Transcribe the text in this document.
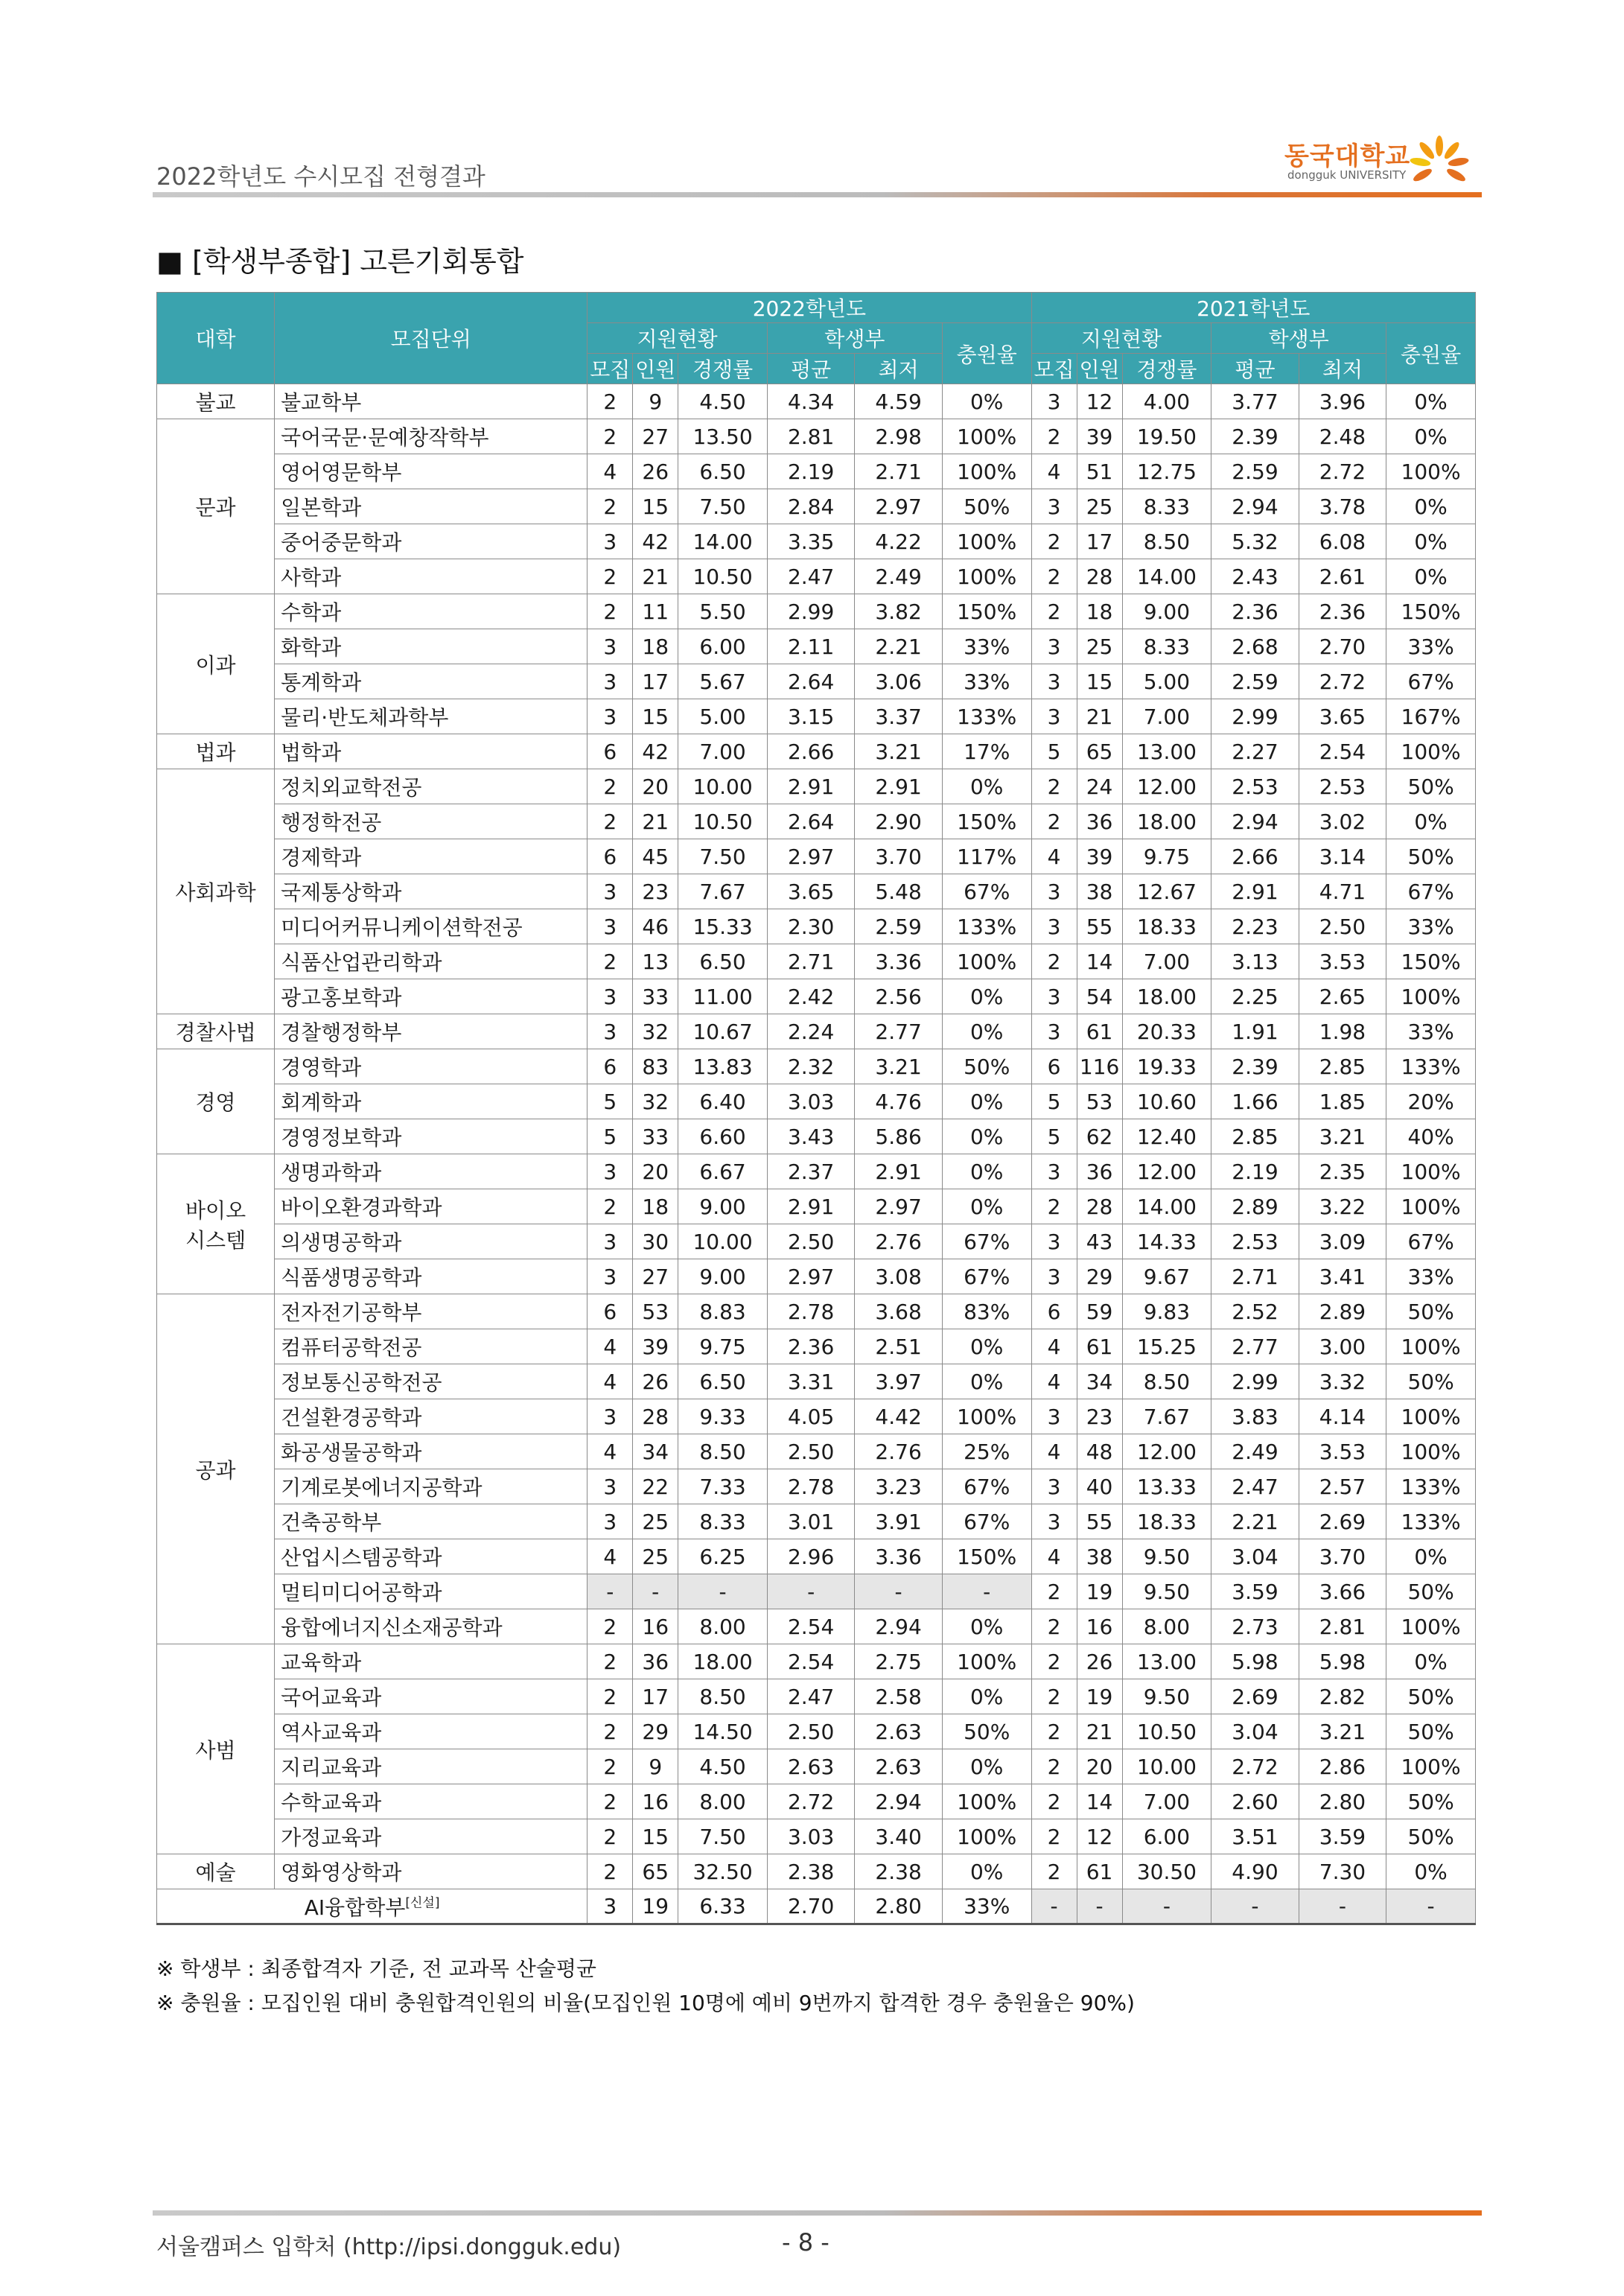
2022학년도 수시모집 전형결과
동국대학교
dongguk UNIVERSITY
■ [학생부종합] 고른기회통합
대학	모집단위	2022학년도						2021학년도					
		지원현황			학생부		충원율	지원현황			학생부		충원율
		모집	인원	경쟁률	평균	최저		모집	인원	경쟁률	평균	최저	
불교	불교학부	2	9	4.50	4.34	4.59	0%	3	12	4.00	3.77	3.96	0%
문과	국어국문·문예창작학부	2	27	13.50	2.81	2.98	100%	2	39	19.50	2.39	2.48	0%
	영어영문학부	4	26	6.50	2.19	2.71	100%	4	51	12.75	2.59	2.72	100%
	일본학과	2	15	7.50	2.84	2.97	50%	3	25	8.33	2.94	3.78	0%
	중어중문학과	3	42	14.00	3.35	4.22	100%	2	17	8.50	5.32	6.08	0%
	사학과	2	21	10.50	2.47	2.49	100%	2	28	14.00	2.43	2.61	0%
이과	수학과	2	11	5.50	2.99	3.82	150%	2	18	9.00	2.36	2.36	150%
	화학과	3	18	6.00	2.11	2.21	33%	3	25	8.33	2.68	2.70	33%
	통계학과	3	17	5.67	2.64	3.06	33%	3	15	5.00	2.59	2.72	67%
	물리·반도체과학부	3	15	5.00	3.15	3.37	133%	3	21	7.00	2.99	3.65	167%
법과	법학과	6	42	7.00	2.66	3.21	17%	5	65	13.00	2.27	2.54	100%
사회과학	정치외교학전공	2	20	10.00	2.91	2.91	0%	2	24	12.00	2.53	2.53	50%
	행정학전공	2	21	10.50	2.64	2.90	150%	2	36	18.00	2.94	3.02	0%
	경제학과	6	45	7.50	2.97	3.70	117%	4	39	9.75	2.66	3.14	50%
	국제통상학과	3	23	7.67	3.65	5.48	67%	3	38	12.67	2.91	4.71	67%
	미디어커뮤니케이션학전공	3	46	15.33	2.30	2.59	133%	3	55	18.33	2.23	2.50	33%
	식품산업관리학과	2	13	6.50	2.71	3.36	100%	2	14	7.00	3.13	3.53	150%
	광고홍보학과	3	33	11.00	2.42	2.56	0%	3	54	18.00	2.25	2.65	100%
경찰사법	경찰행정학부	3	32	10.67	2.24	2.77	0%	3	61	20.33	1.91	1.98	33%
경영	경영학과	6	83	13.83	2.32	3.21	50%	6	116	19.33	2.39	2.85	133%
	회계학과	5	32	6.40	3.03	4.76	0%	5	53	10.60	1.66	1.85	20%
	경영정보학과	5	33	6.60	3.43	5.86	0%	5	62	12.40	2.85	3.21	40%
바이오
시스템	생명과학과	3	20	6.67	2.37	2.91	0%	3	36	12.00	2.19	2.35	100%
	바이오환경과학과	2	18	9.00	2.91	2.97	0%	2	28	14.00	2.89	3.22	100%
	의생명공학과	3	30	10.00	2.50	2.76	67%	3	43	14.33	2.53	3.09	67%
	식품생명공학과	3	27	9.00	2.97	3.08	67%	3	29	9.67	2.71	3.41	33%
공과	전자전기공학부	6	53	8.83	2.78	3.68	83%	6	59	9.83	2.52	2.89	50%
	컴퓨터공학전공	4	39	9.75	2.36	2.51	0%	4	61	15.25	2.77	3.00	100%
	정보통신공학전공	4	26	6.50	3.31	3.97	0%	4	34	8.50	2.99	3.32	50%
	건설환경공학과	3	28	9.33	4.05	4.42	100%	3	23	7.67	3.83	4.14	100%
	화공생물공학과	4	34	8.50	2.50	2.76	25%	4	48	12.00	2.49	3.53	100%
	기계로봇에너지공학과	3	22	7.33	2.78	3.23	67%	3	40	13.33	2.47	2.57	133%
	건축공학부	3	25	8.33	3.01	3.91	67%	3	55	18.33	2.21	2.69	133%
	산업시스템공학과	4	25	6.25	2.96	3.36	150%	4	38	9.50	3.04	3.70	0%
	멀티미디어공학과	-	-	-	-	-	-	2	19	9.50	3.59	3.66	50%
	융합에너지신소재공학과	2	16	8.00	2.54	2.94	0%	2	16	8.00	2.73	2.81	100%
사범	교육학과	2	36	18.00	2.54	2.75	100%	2	26	13.00	5.98	5.98	0%
	국어교육과	2	17	8.50	2.47	2.58	0%	2	19	9.50	2.69	2.82	50%
	역사교육과	2	29	14.50	2.50	2.63	50%	2	21	10.50	3.04	3.21	50%
	지리교육과	2	9	4.50	2.63	2.63	0%	2	20	10.00	2.72	2.86	100%
	수학교육과	2	16	8.00	2.72	2.94	100%	2	14	7.00	2.60	2.80	50%
	가정교육과	2	15	7.50	3.03	3.40	100%	2	12	6.00	3.51	3.59	50%
예술	영화영상학과	2	65	32.50	2.38	2.38	0%	2	61	30.50	4.90	7.30	0%
AI융합학부[신설]		3	19	6.33	2.70	2.80	33%	-	-	-	-	-	-
※ 학생부 : 최종합격자 기준, 전 교과목 산술평균
※ 충원율 : 모집인원 대비 충원합격인원의 비율(모집인원 10명에 예비 9번까지 합격한 경우 충원율은 90%)
서울캠퍼스 입학처 (http://ipsi.dongguk.edu)	- 8 -
